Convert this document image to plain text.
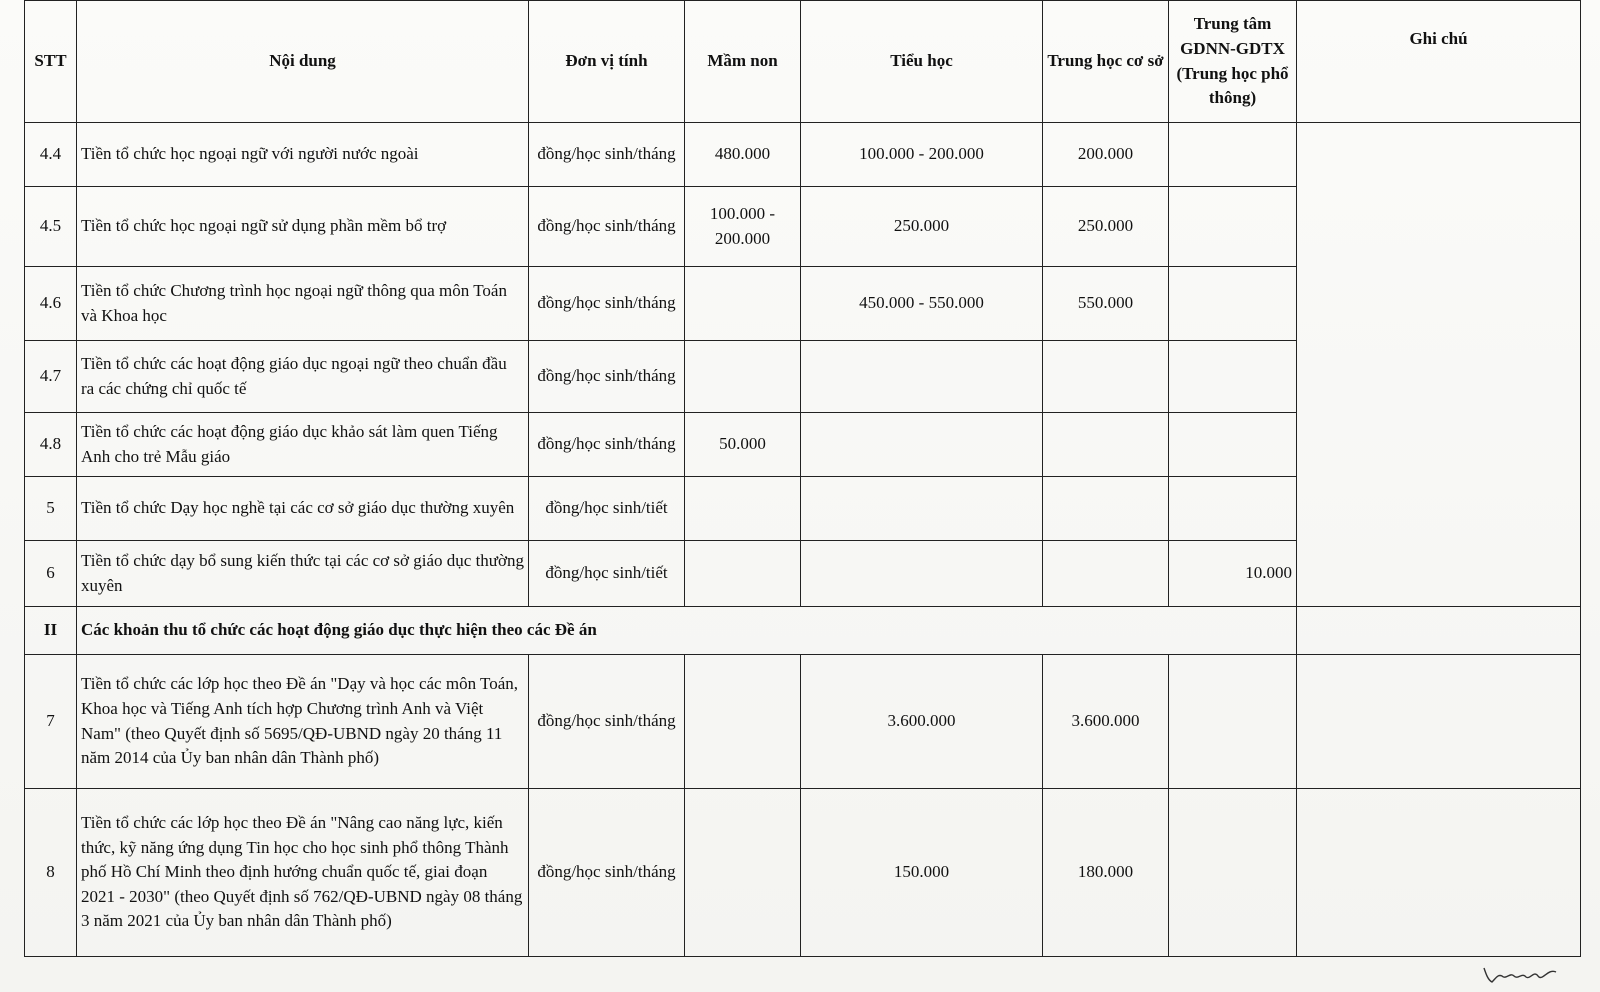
STT	Nội dung	Đơn vị tính	Mầm non	Tiểu học	Trung học cơ sở	Trung tâm GDNN-GDTX (Trung học phổ thông)	Ghi chú
4.4	Tiền tổ chức học ngoại ngữ với người nước ngoài	đồng/học sinh/tháng	480.000	100.000 - 200.000	200.000		
4.5	Tiền tổ chức học ngoại ngữ sử dụng phần mềm bổ trợ	đồng/học sinh/tháng	100.000 - 200.000	250.000	250.000		
4.6	Tiền tổ chức Chương trình học ngoại ngữ thông qua môn Toán và Khoa học	đồng/học sinh/tháng		450.000 - 550.000	550.000		
4.7	Tiền tổ chức các hoạt động giáo dục ngoại ngữ theo chuẩn đầu ra các chứng chỉ quốc tế	đồng/học sinh/tháng					
4.8	Tiền tổ chức các hoạt động giáo dục khảo sát làm quen Tiếng Anh cho trẻ Mẫu giáo	đồng/học sinh/tháng	50.000				
5	Tiền tổ chức Dạy học nghề tại các cơ sở giáo dục thường xuyên	đồng/học sinh/tiết					
6	Tiền tổ chức dạy bổ sung kiến thức tại các cơ sở giáo dục thường xuyên	đồng/học sinh/tiết				10.000	
II	Các khoản thu tổ chức các hoạt động giáo dục thực hiện theo các Đề án						
7	Tiền tổ chức các lớp học theo Đề án "Dạy và học các môn Toán, Khoa học và Tiếng Anh tích hợp Chương trình Anh và Việt Nam" (theo Quyết định số 5695/QĐ-UBND ngày 20 tháng 11 năm 2014 của Ủy ban nhân dân Thành phố)	đồng/học sinh/tháng		3.600.000	3.600.000		
8	Tiền tổ chức các lớp học theo Đề án "Nâng cao năng lực, kiến thức, kỹ năng ứng dụng Tin học cho học sinh phổ thông Thành phố Hồ Chí Minh theo định hướng chuẩn quốc tế, giai đoạn 2021 - 2030" (theo Quyết định số 762/QĐ-UBND ngày 08 tháng 3 năm 2021 của Ủy ban nhân dân Thành phố)	đồng/học sinh/tháng		150.000	180.000		
